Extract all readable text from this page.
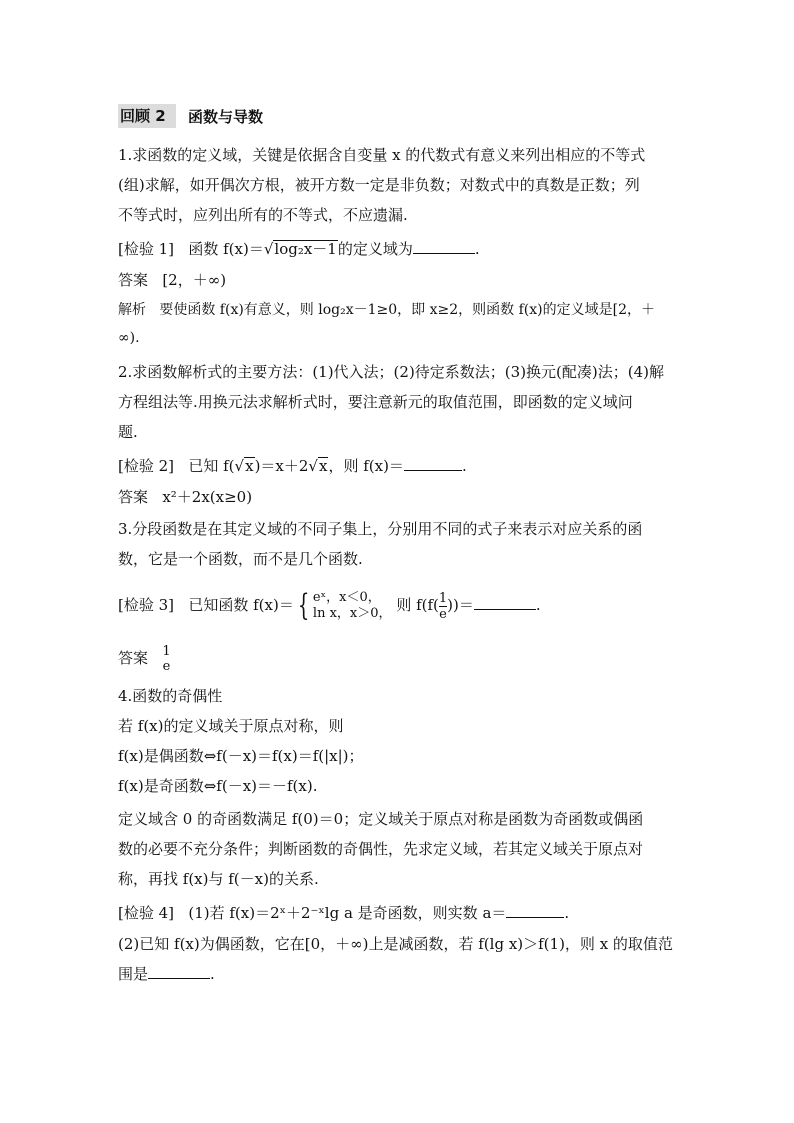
回顾 2	函数与导数
1.求函数的定义域，关键是依据含自变量 x 的代数式有意义来列出相应的不等式
(组)求解，如开偶次方根，被开方数一定是非负数；对数式中的真数是正数；列
不等式时，应列出所有的不等式，不应遗漏.
[检验 1] 函数 f(x)＝√log₂x－1的定义域为	.
答案 [2，＋∞)
解析 要使函数 f(x)有意义，则 log₂x－1≥0，即 x≥2，则函数 f(x)的定义域是[2，＋
∞).
2.求函数解析式的主要方法：(1)代入法；(2)待定系数法；(3)换元(配凑)法；(4)解
方程组法等.用换元法求解析式时，要注意新元的取值范围，即函数的定义域问
题.
[检验 2] 已知 f(√x)＝x＋2√x，则 f(x)＝	.
答案 x²＋2x(x≥0)
3.分段函数是在其定义域的不同子集上，分别用不同的式子来表示对应关系的函
数，它是一个函数，而不是几个函数.
[检验 3] 已知函数 f(x)＝ { eˣ，x＜0，
ln x，x＞0， 则 $f(f( \frac{1}{e}$ ))＝	.
答案 1
e
4.函数的奇偶性
若 f(x)的定义域关于原点对称，则
f(x)是偶函数⇔f(－x)＝f(x)＝f(|x|)；
f(x)是奇函数⇔f(－x)＝－f(x).
定义域含 0 的奇函数满足 f(0)＝0；定义域关于原点对称是函数为奇函数或偶函
数的必要不充分条件；判断函数的奇偶性，先求定义域，若其定义域关于原点对
称，再找 f(x)与 f(－x)的关系.
[检验 4] (1)若 f(x)＝2ˣ＋2⁻ˣlg a 是奇函数，则实数 a＝	.
(2)已知 f(x)为偶函数，它在[0，＋∞)上是减函数，若 f(lg x)＞f(1)，则 x 的取值范
围是	.
